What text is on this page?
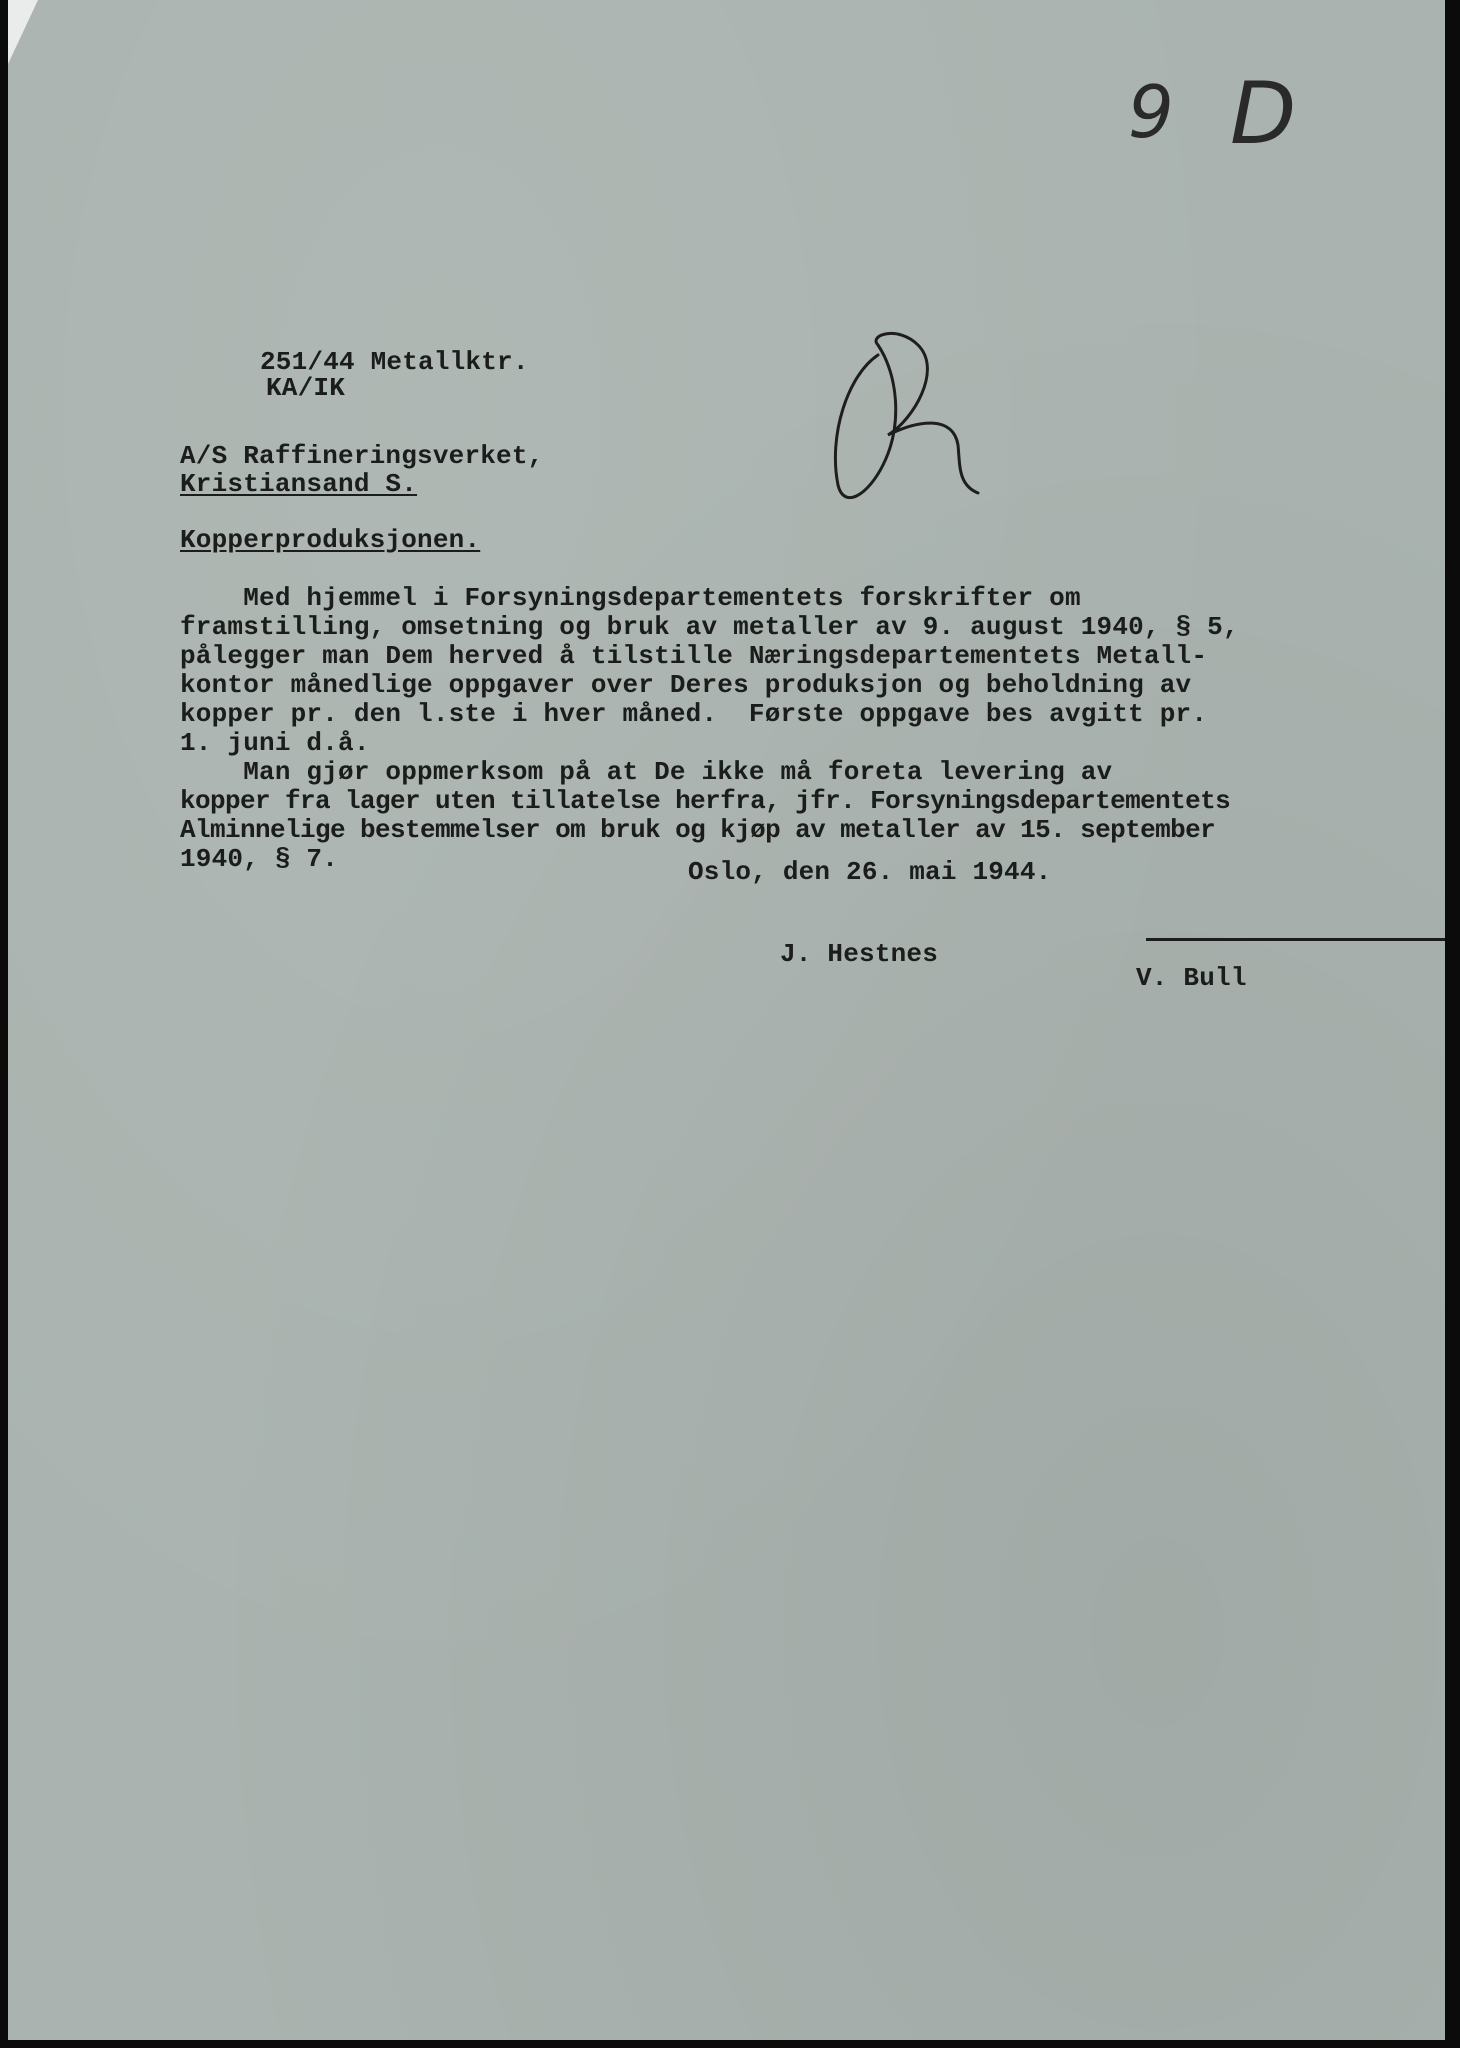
9 D
251/44 Metallktr.
KA/IK
A/S Raffineringsverket,
Kristiansand S.
Kopperproduksjonen.
Med hjemmel i Forsyningsdepartementets forskrifter om
framstilling, omsetning og bruk av metaller av 9. august 1940, § 5,
pålegger man Dem herved å tilstille Næringsdepartementets Metall-
kontor månedlige oppgaver over Deres produksjon og beholdning av
kopper pr. den l.ste i hver måned.  Første oppgave bes avgitt pr.
1. juni d.å.
Man gjør oppmerksom på at De ikke må foreta levering av
kopper fra lager uten tillatelse herfra, jfr. Forsyningsdepartementets
Alminnelige bestemmelser om bruk og kjøp av metaller av 15. september
1940, § 7.	Oslo, den 26. mai 1944.
J. Hestnes
V. Bull
